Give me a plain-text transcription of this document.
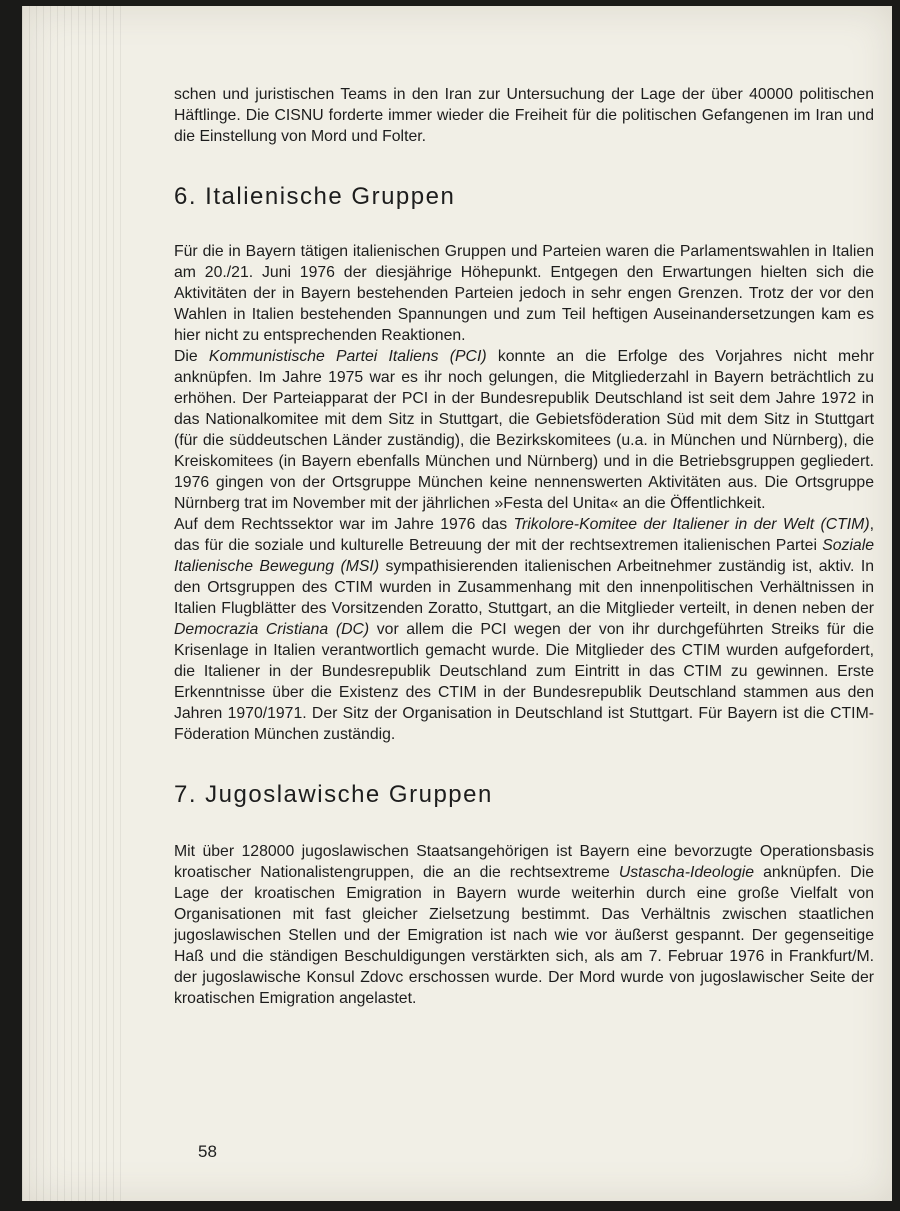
schen und juristischen Teams in den Iran zur Untersuchung der Lage der über 40000 politischen Häftlinge. Die CISNU forderte immer wieder die Freiheit für die politischen Gefangenen im Iran und die Einstellung von Mord und Folter.

6. Italienische Gruppen

Für die in Bayern tätigen italienischen Gruppen und Parteien waren die Parlamentswahlen in Italien am 20./21. Juni 1976 der diesjährige Höhepunkt. Entgegen den Erwartungen hielten sich die Aktivitäten der in Bayern bestehenden Parteien jedoch in sehr engen Grenzen. Trotz der vor den Wahlen in Italien bestehenden Spannungen und zum Teil heftigen Auseinandersetzungen kam es hier nicht zu entsprechenden Reaktionen.

Die Kommunistische Partei Italiens (PCI) konnte an die Erfolge des Vorjahres nicht mehr anknüpfen. Im Jahre 1975 war es ihr noch gelungen, die Mitgliederzahl in Bayern beträchtlich zu erhöhen. Der Parteiapparat der PCI in der Bundesrepublik Deutschland ist seit dem Jahre 1972 in das Nationalkomitee mit dem Sitz in Stuttgart, die Gebietsföderation Süd mit dem Sitz in Stuttgart (für die süddeutschen Länder zuständig), die Bezirkskomitees (u.a. in München und Nürnberg), die Kreiskomitees (in Bayern ebenfalls München und Nürnberg) und in die Betriebsgruppen gegliedert. 1976 gingen von der Ortsgruppe München keine nennenswerten Aktivitäten aus. Die Ortsgruppe Nürnberg trat im November mit der jährlichen »Festa del Unita« an die Öffentlichkeit.

Auf dem Rechtssektor war im Jahre 1976 das Trikolore-Komitee der Italiener in der Welt (CTIM), das für die soziale und kulturelle Betreuung der mit der rechtsextremen italienischen Partei Soziale Italienische Bewegung (MSI) sympathisierenden italienischen Arbeitnehmer zuständig ist, aktiv. In den Ortsgruppen des CTIM wurden in Zusammenhang mit den innenpolitischen Verhältnissen in Italien Flugblätter des Vorsitzenden Zoratto, Stuttgart, an die Mitglieder verteilt, in denen neben der Democrazia Cristiana (DC) vor allem die PCI wegen der von ihr durchgeführten Streiks für die Krisenlage in Italien verantwortlich gemacht wurde. Die Mitglieder des CTIM wurden aufgefordert, die Italiener in der Bundesrepublik Deutschland zum Eintritt in das CTIM zu gewinnen. Erste Erkenntnisse über die Existenz des CTIM in der Bundesrepublik Deutschland stammen aus den Jahren 1970/1971. Der Sitz der Organisation in Deutschland ist Stuttgart. Für Bayern ist die CTIM-Föderation München zuständig.

7. Jugoslawische Gruppen

Mit über 128000 jugoslawischen Staatsangehörigen ist Bayern eine bevorzugte Operationsbasis kroatischer Nationalistengruppen, die an die rechtsextreme Ustascha-Ideologie anknüpfen. Die Lage der kroatischen Emigration in Bayern wurde weiterhin durch eine große Vielfalt von Organisationen mit fast gleicher Zielsetzung bestimmt. Das Verhältnis zwischen staatlichen jugoslawischen Stellen und der Emigration ist nach wie vor äußerst gespannt. Der gegenseitige Haß und die ständigen Beschuldigungen verstärkten sich, als am 7. Februar 1976 in Frankfurt/M. der jugoslawische Konsul Zdovc erschossen wurde. Der Mord wurde von jugoslawischer Seite der kroatischen Emigration angelastet.

58
